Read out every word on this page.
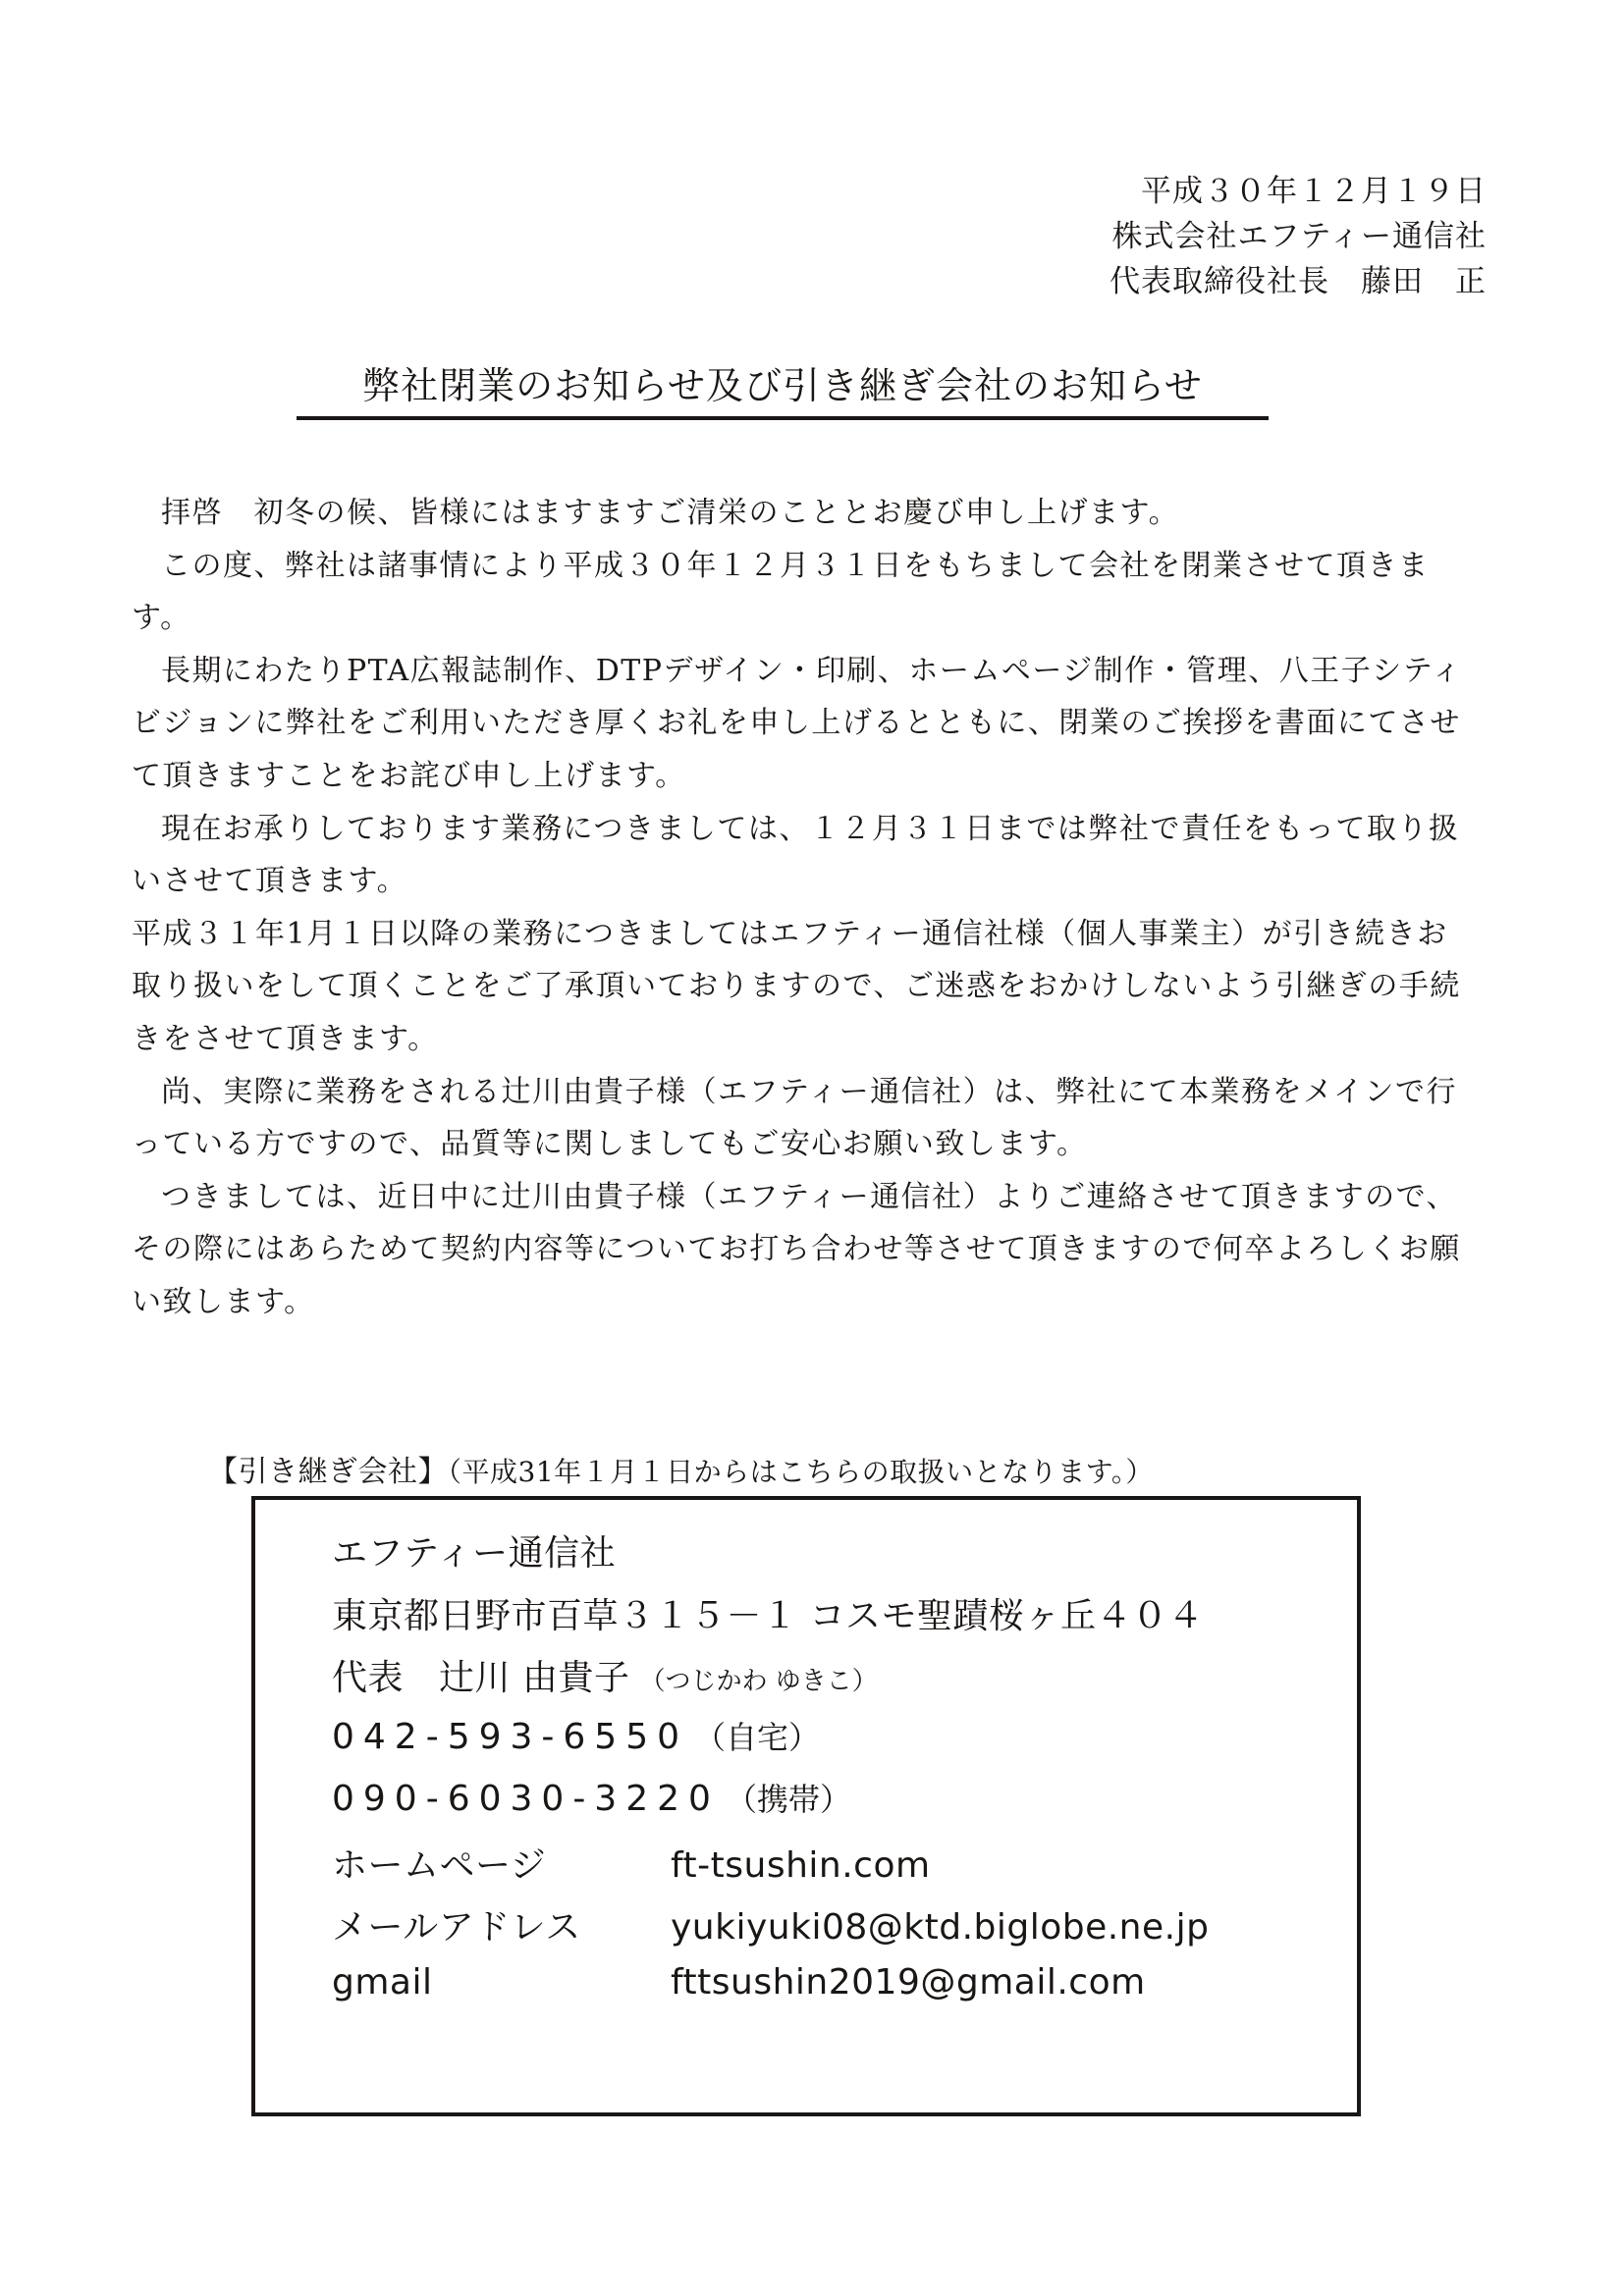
平成３０年１２月１９日
株式会社エフティー通信社
代表取締役社長　藤田　正
弊社閉業のお知らせ及び引き継ぎ会社のお知らせ

拝啓　初冬の候、皆様にはますますご清栄のこととお慶び申し上げます。

この度、弊社は諸事情により平成３０年１２月３１日をもちまして会社を閉業させて頂きます。

長期にわたりPTA広報誌制作、DTPデザイン・印刷、ホームページ制作・管理、八王子シティビジョンに弊社をご利用いただき厚くお礼を申し上げるとともに、閉業のご挨拶を書面にてさせて頂きますことをお詫び申し上げます。

現在お承りしております業務につきましては、１２月３１日までは弊社で責任をもって取り扱いさせて頂きます。

平成３１年1月１日以降の業務につきましてはエフティー通信社様（個人事業主）が引き続きお取り扱いをして頂くことをご了承頂いておりますので、ご迷惑をおかけしないよう引継ぎの手続きをさせて頂きます。

尚、実際に業務をされる辻川由貴子様（エフティー通信社）は、弊社にて本業務をメインで行っている方ですので、品質等に関しましてもご安心お願い致します。

つきましては、近日中に辻川由貴子様（エフティー通信社）よりご連絡させて頂きますので、その際にはあらためて契約内容等についてお打ち合わせ等させて頂きますので何卒よろしくお願い致します。

【引き継ぎ会社】（平成31年１月１日からはこちらの取扱いとなります。）
エフティー通信社
東京都日野市百草３１５－１ コスモ聖蹟桜ヶ丘４０４
代表 辻川 由貴子 （つじかわ ゆきこ）
042-593-6550 （自宅）
090-6030-3220 （携帯）
ホームページ	ft-tsushin.com
メールアドレス	yukiyuki08@ktd.biglobe.ne.jp
gmail	fttsushin2019@gmail.com
